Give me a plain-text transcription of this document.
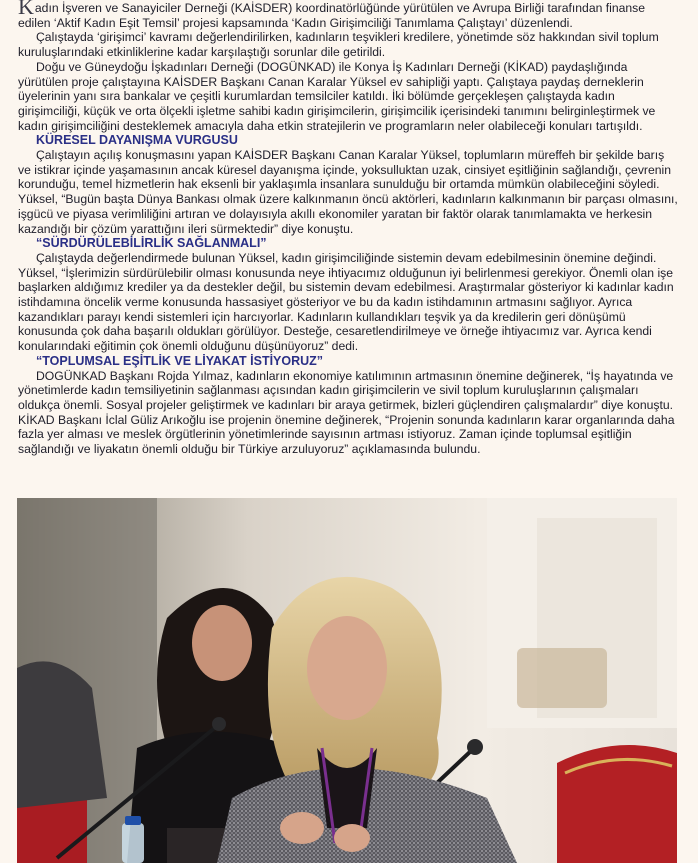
Kadın İşveren ve Sanayiciler Derneği (KAİSDER) koordinatörlüğünde yürütülen ve Avrupa Birliği tarafından finanse edilen ‘Aktif Kadın Eşit Temsil’ projesi kapsamında ‘Kadın Girişimciliği Tanımlama Çalıştayı’ düzenlendi.

Çalıştayda ‘girişimci’ kavramı değerlendirilirken, kadınların teşvikleri kredilere, yönetimde söz hakkından sivil toplum kuruluşlarındaki etkinliklerine kadar karşılaştığı sorunlar dile getirildi.

Doğu ve Güneydoğu İşkadınları Derneği (DOGÜNKAD) ile Konya İş Kadınları Derneği (KİKAD) paydaşlığında yürütülen proje çalıştayına KAİSDER Başkanı Canan Karalar Yüksel ev sahipliği yaptı. Çalıştaya paydaş derneklerin üyelerinin yanı sıra bankalar ve çeşitli kurumlardan temsilciler katıldı. İki bölümde gerçekleşen çalıştayda kadın girişimciliği, küçük ve orta ölçekli işletme sahibi kadın girişimcilerin, girişimcilik içerisindeki tanımını belirginleştirmek ve kadın girişimciliğini desteklemek amacıyla daha etkin stratejilerin ve programların neler olabileceği konuları tartışıldı.

KÜRESEL DAYANIŞMA VURGUSU

Çalıştayın açılış konuşmasını yapan KAİSDER Başkanı Canan Karalar Yüksel, toplumların müreffeh bir şekilde barış ve istikrar içinde yaşamasının ancak küresel dayanışma içinde, yoksulluktan uzak, cinsiyet eşitliğinin sağlandığı, çevrenin korunduğu, temel hizmetlerin hak eksenli bir yaklaşımla insanlara sunulduğu bir ortamda mümkün olabileceğini söyledi. Yüksel, “Bugün başta Dünya Bankası olmak üzere kalkınmanın öncü aktörleri, kadınların kalkınmanın bir parçası olmasını, işgücü ve piyasa verimliliğini artıran ve dolayısıyla akıllı ekonomiler yaratan bir faktör olarak tanımlamakta ve herkesin kazandığı bir çözüm yarattığını ileri sürmektedir” diye konuştu.

“SÜRDÜRÜLEBİLİRLİK SAĞLANMALI”

Çalıştayda değerlendirmede bulunan Yüksel, kadın girişimciliğinde sistemin devam edebilmesinin önemine değindi. Yüksel, “İşlerimizin sürdürülebilir olması konusunda neye ihtiyacımız olduğunun iyi belirlenmesi gerekiyor. Önemli olan işe başlarken aldığımız krediler ya da destekler değil, bu sistemin devam edebilmesi. Araştırmalar gösteriyor ki kadınlar kadın istihdamına öncelik verme konusunda hassasiyet gösteriyor ve bu da kadın istihdamının artmasını sağlıyor. Ayrıca kazandıkları parayı kendi sistemleri için harcıyorlar. Kadınların kullandıkları teşvik ya da kredilerin geri dönüşümü konusunda çok daha başarılı oldukları görülüyor. Desteğe, cesaretlendirilmeye ve örneğe ihtiyacımız var. Ayrıca kendi konularındaki eğitimin çok önemli olduğunu düşünüyoruz” dedi.

“TOPLUMSAL EŞİTLİK VE LİYAKAT İSTİYORUZ”

DOGÜNKAD Başkanı Rojda Yılmaz, kadınların ekonomiye katılımının artmasının önemine değinerek, “İş hayatında ve yönetimlerde kadın temsiliyetinin sağlanması açısından kadın girişimcilerin ve sivil toplum kuruluşlarının çalışmaları oldukça önemli. Sosyal projeler geliştirmek ve kadınları bir araya getirmek, bizleri güçlendiren çalışmalardır” diye konuştu. KİKAD Başkanı İclal Güliz Arıkoğlu ise projenin önemine değinerek, “Projenin sonunda kadınların karar organlarında daha fazla yer alması ve meslek örgütlerinin yönetimlerinde sayısının artması istiyoruz. Zaman içinde toplumsal eşitliğin sağlandığı ve liyakatın önemli olduğu bir Türkiye arzuluyoruz” açıklamasında bulundu.
